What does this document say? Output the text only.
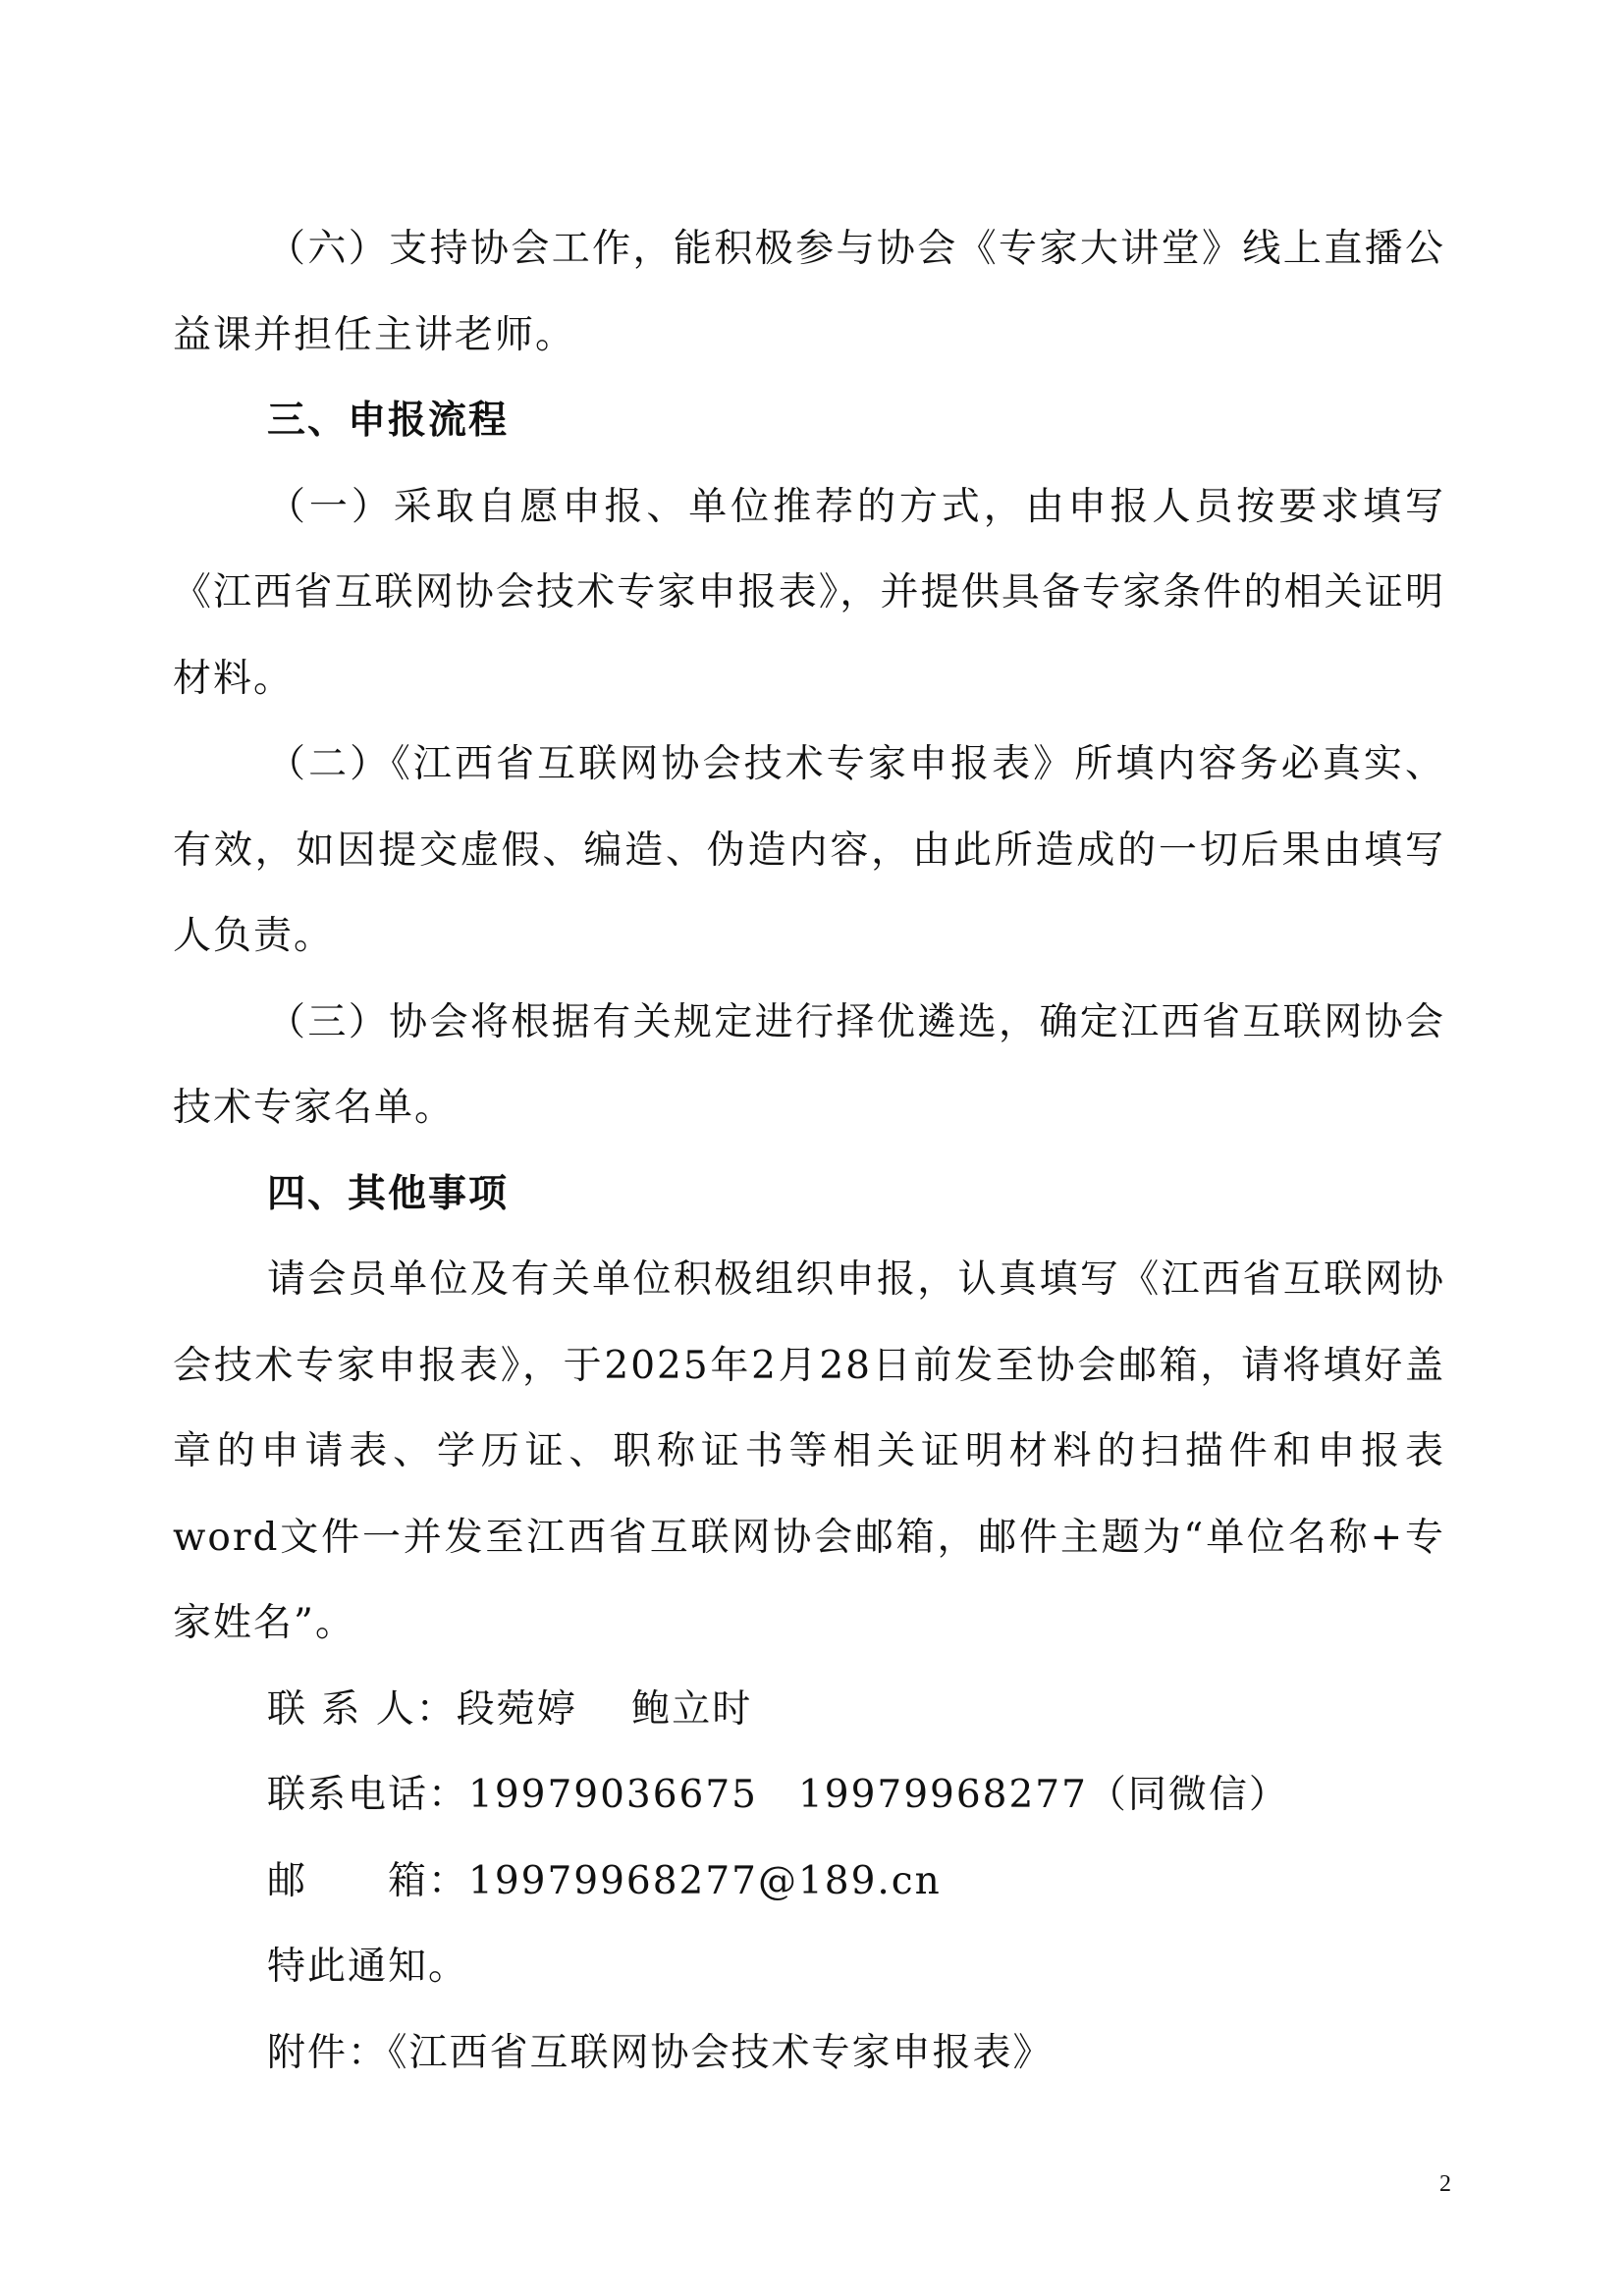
（六）支持协会工作，能积极参与协会《专家大讲堂》线上直播公益课并担任主讲老师。

三、申报流程

（一）采取自愿申报、单位推荐的方式，由申报人员按要求填写《江西省互联网协会技术专家申报表》，并提供具备专家条件的相关证明材料。

（二）《江西省互联网协会技术专家申报表》所填内容务必真实、有效，如因提交虚假、编造、伪造内容，由此所造成的一切后果由填写人负责。

（三）协会将根据有关规定进行择优遴选，确定江西省互联网协会技术专家名单。

四、其他事项

请会员单位及有关单位积极组织申报，认真填写《江西省互联网协会技术专家申报表》，于2025年2月28日前发至协会邮箱，请将填好盖章的申请表、学历证、职称证书等相关证明材料的扫描件和申报表word文件一并发至江西省互联网协会邮箱，邮件主题为“单位名称+专家姓名”。

联 系 人：段菀婷　 鲍立时

联系电话：19979036675　19979968277（同微信）

邮　　箱：19979968277@189.cn

特此通知。

附件：《江西省互联网协会技术专家申报表》

2
